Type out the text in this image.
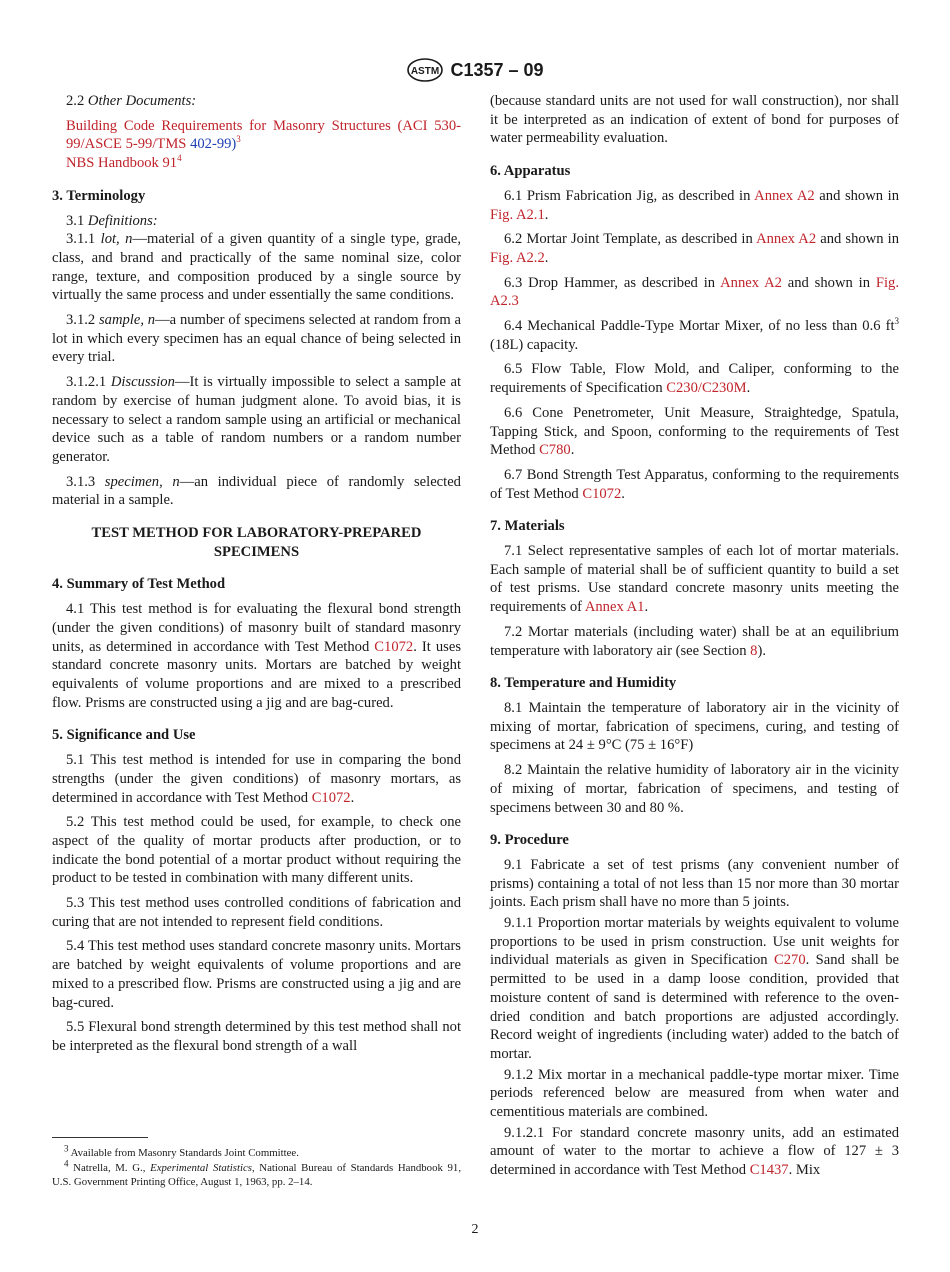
ASTM C1357 – 09

2.2 Other Documents:

Building Code Requirements for Masonry Structures (ACI 530-99/ASCE 5-99/TMS 402-99)$^3$

NBS Handbook $91^4$

3. Terminology

3.1 Definitions:

3.1.1 lot, n—material of a given quantity of a single type, grade, class, and brand and practically of the same nominal size, color range, texture, and composition produced by a single source by virtually the same process and under essentially the same conditions.

3.1.2 sample, n—a number of specimens selected at random from a lot in which every specimen has an equal chance of being selected in every trial.

3.1.2.1 Discussion—It is virtually impossible to select a sample at random by exercise of human judgment alone. To avoid bias, it is necessary to select a random sample using an artificial or mechanical device such as a table of random numbers or a random number generator.

3.1.3 specimen, n—an individual piece of randomly selected material in a sample.

TEST METHOD FOR LABORATORY-PREPARED SPECIMENS

4. Summary of Test Method

4.1 This test method is for evaluating the flexural bond strength (under the given conditions) of masonry built of standard masonry units, as determined in accordance with Test Method C1072. It uses standard concrete masonry units. Mortars are batched by weight equivalents of volume proportions and are mixed to a prescribed flow. Prisms are constructed using a jig and are bag-cured.

5. Significance and Use

5.1 This test method is intended for use in comparing the bond strengths (under the given conditions) of masonry mortars, as determined in accordance with Test Method C1072.

5.2 This test method could be used, for example, to check one aspect of the quality of mortar products after production, or to indicate the bond potential of a mortar product without requiring the product to be tested in combination with many different units.

5.3 This test method uses controlled conditions of fabrication and curing that are not intended to represent field conditions.

5.4 This test method uses standard concrete masonry units. Mortars are batched by weight equivalents of volume proportions and are mixed to a prescribed flow. Prisms are constructed using a jig and are bag-cured.

5.5 Flexural bond strength determined by this test method shall not be interpreted as the flexural bond strength of a wall

$^3$ Available from Masonry Standards Joint Committee.

$^4$ Natrella, M. G., Experimental Statistics, National Bureau of Standards Handbook 91, U.S. Government Printing Office, August 1, 1963, pp. 2–14.

(because standard units are not used for wall construction), nor shall it be interpreted as an indication of extent of bond for purposes of water permeability evaluation.

6. Apparatus

6.1 Prism Fabrication Jig, as described in Annex A2 and shown in Fig. A2.1.

6.2 Mortar Joint Template, as described in Annex A2 and shown in Fig. A2.2.

6.3 Drop Hammer, as described in Annex A2 and shown in Fig. A2.3

6.4 Mechanical Paddle-Type Mortar Mixer, of no less than 0.6 $ft^3$ (18L) capacity.

6.5 Flow Table, Flow Mold, and Caliper, conforming to the requirements of Specification C230/C230M.

6.6 Cone Penetrometer, Unit Measure, Straightedge, Spatula, Tapping Stick, and Spoon, conforming to the requirements of Test Method C780.

6.7 Bond Strength Test Apparatus, conforming to the requirements of Test Method C1072.

7. Materials

7.1 Select representative samples of each lot of mortar materials. Each sample of material shall be of sufficient quantity to build a set of test prisms. Use standard concrete masonry units meeting the requirements of Annex A1.

7.2 Mortar materials (including water) shall be at an equilibrium temperature with laboratory air (see Section 8).

8. Temperature and Humidity

8.1 Maintain the temperature of laboratory air in the vicinity of mixing of mortar, fabrication of specimens, curing, and testing of specimens at 24 ± 9°C (75 ± 16°F)

8.2 Maintain the relative humidity of laboratory air in the vicinity of mixing of mortar, fabrication of specimens, and testing of specimens between 30 and 80 %.

9. Procedure

9.1 Fabricate a set of test prisms (any convenient number of prisms) containing a total of not less than 15 nor more than 30 mortar joints. Each prism shall have no more than 5 joints.

9.1.1 Proportion mortar materials by weights equivalent to volume proportions to be used in prism construction. Use unit weights for individual materials as given in Specification C270. Sand shall be permitted to be used in a damp loose condition, provided that moisture content of sand is determined with reference to the oven-dried condition and batch proportions are adjusted accordingly. Record weight of ingredients (including water) added to the batch of mortar.

9.1.2 Mix mortar in a mechanical paddle-type mortar mixer. Time periods referenced below are measured from when water and cementitious materials are combined.

9.1.2.1 For standard concrete masonry units, add an estimated amount of water to the mortar to achieve a flow of 127 ± 3 determined in accordance with Test Method C1437. Mix

2
